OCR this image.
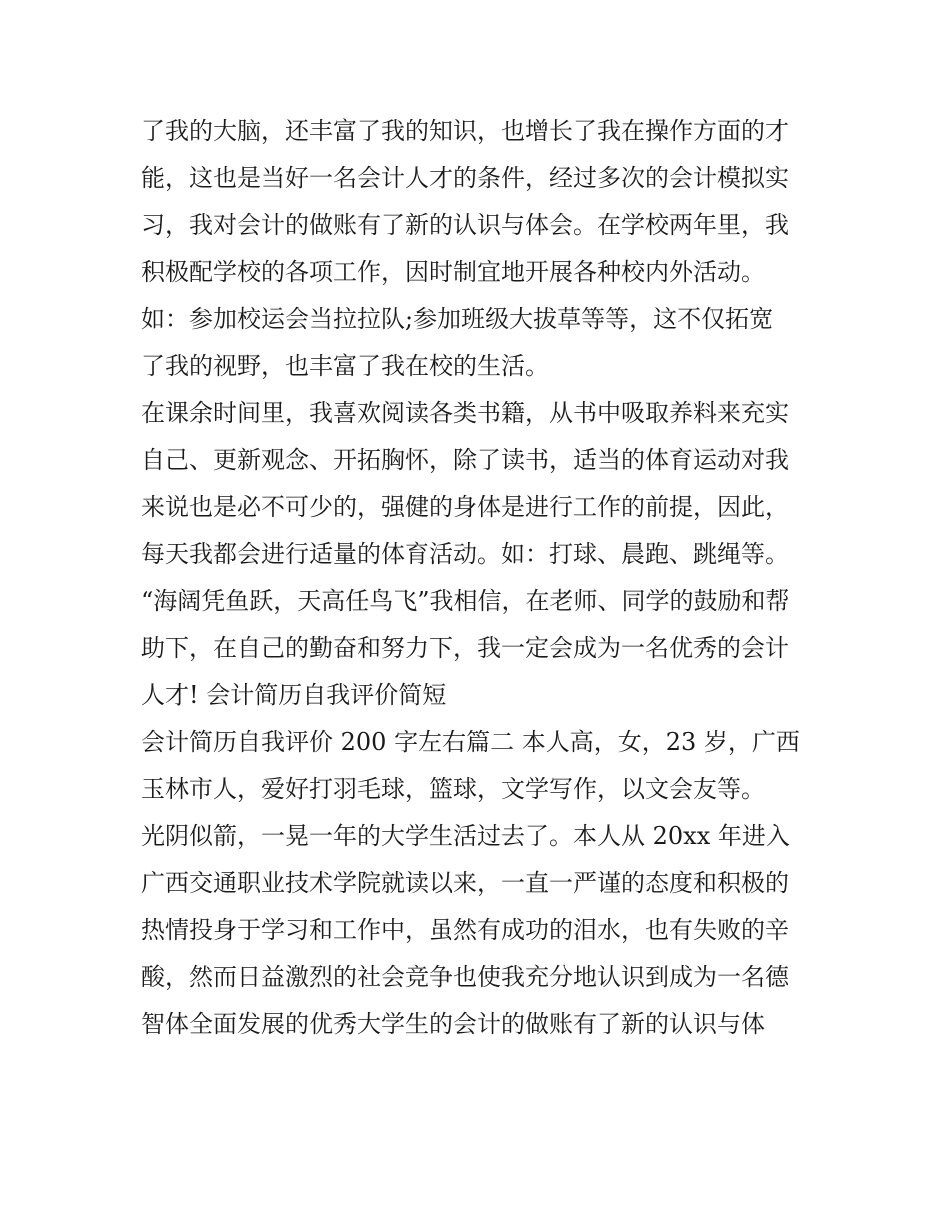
了我的大脑，还丰富了我的知识，也增长了我在操作方面的才
能，这也是当好一名会计人才的条件，经过多次的会计模拟实
习，我对会计的做账有了新的认识与体会。在学校两年里，我
积极配学校的各项工作，因时制宜地开展各种校内外活动。
如：参加校运会当拉拉队;参加班级大拔草等等，这不仅拓宽
了我的视野，也丰富了我在校的生活。
在课余时间里，我喜欢阅读各类书籍，从书中吸取养料来充实
自己、更新观念、开拓胸怀，除了读书，适当的体育运动对我
来说也是必不可少的，强健的身体是进行工作的前提，因此，
每天我都会进行适量的体育活动。如：打球、晨跑、跳绳等。
“海阔凭鱼跃，天高任鸟飞”我相信，在老师、同学的鼓励和帮
助下，在自己的勤奋和努力下，我一定会成为一名优秀的会计
人才! 会计简历自我评价简短
会计简历自我评价 200 字左右篇二 本人高，女，23 岁，广西
玉林市人，爱好打羽毛球，篮球，文学写作，以文会友等。
光阴似箭，一晃一年的大学生活过去了。本人从 20xx 年进入
广西交通职业技术学院就读以来，一直一严谨的态度和积极的
热情投身于学习和工作中，虽然有成功的泪水，也有失败的辛
酸，然而日益激烈的社会竞争也使我充分地认识到成为一名德
智体全面发展的优秀大学生的会计的做账有了新的认识与体
